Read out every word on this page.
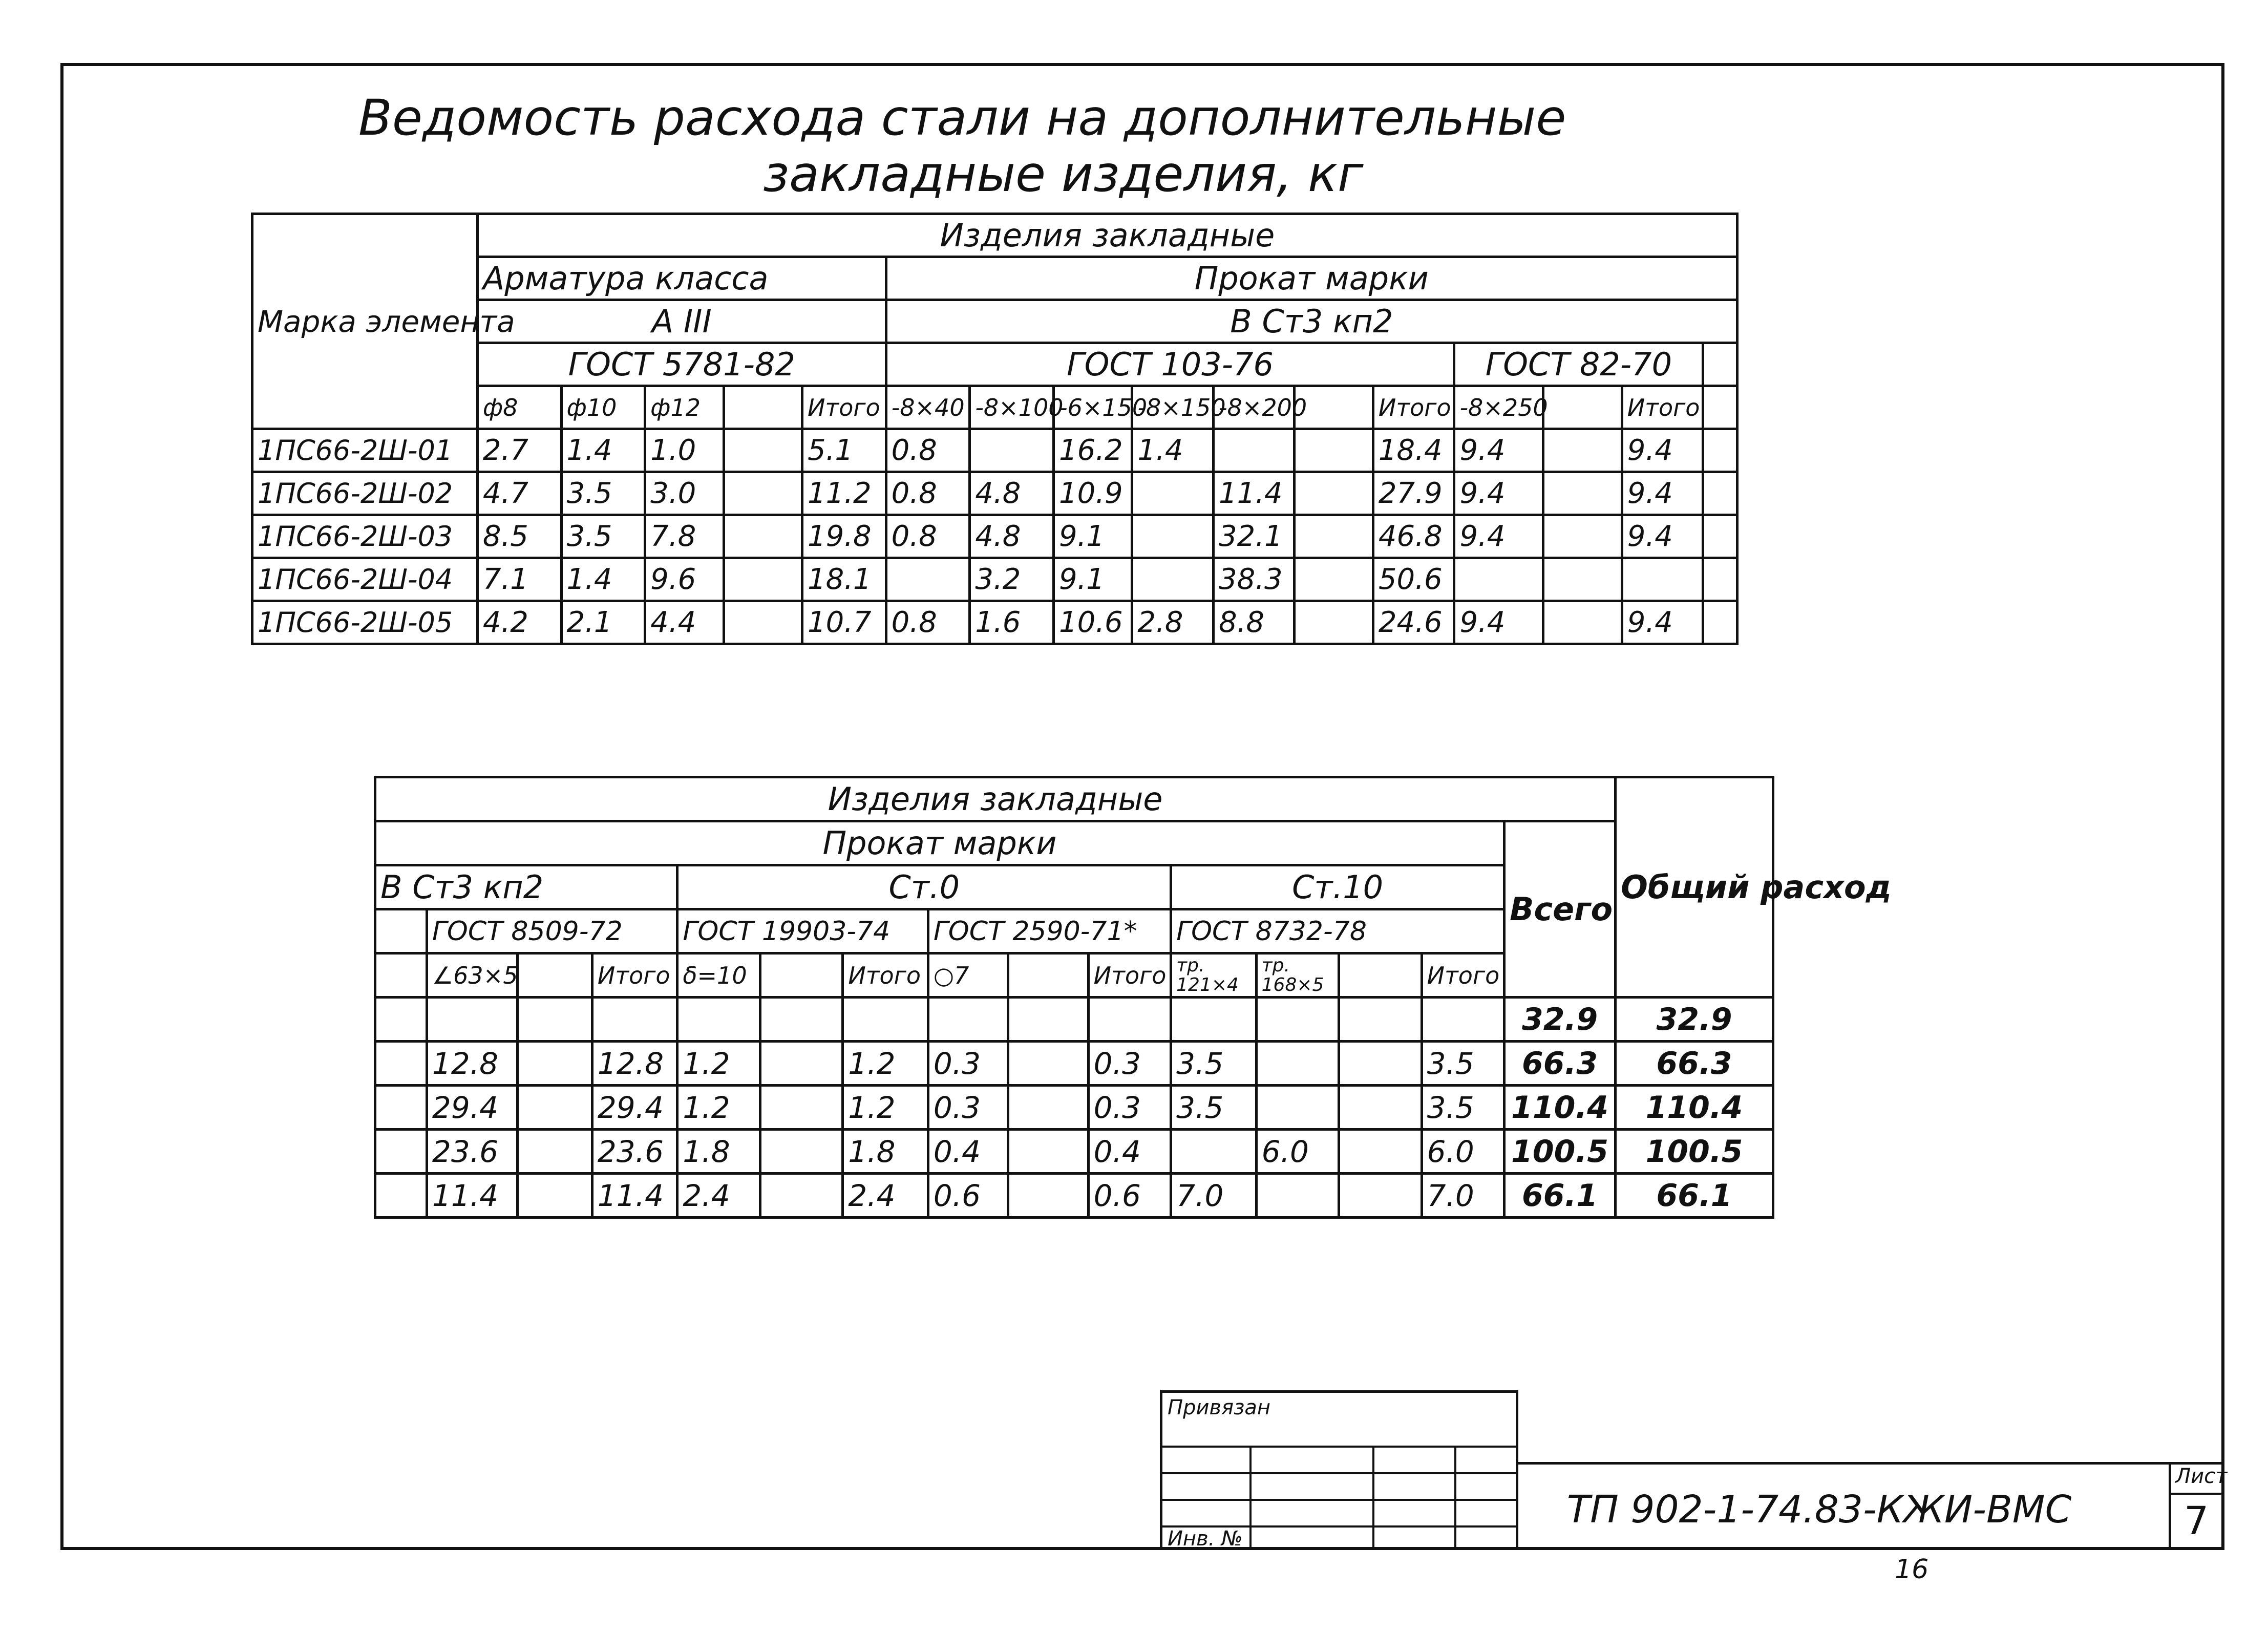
Ведомость расхода стали на дополнительные
закладные изделия, кг
Марка элемента	Изделия закладные															
	Арматура класса					Прокат марки										
	А III					В Ст3 кп2										
	ГОСТ 5781-82					ГОСТ 103-76							ГОСТ 82-70			
	ф8	ф10	ф12		Итого	-8×40	-8×100	-6×150	-8×150	-8×200		Итого	-8×250		Итого	
1ПС66-2Ш-01	2.7	1.4	1.0		5.1	0.8		16.2	1.4			18.4	9.4		9.4	
1ПС66-2Ш-02	4.7	3.5	3.0		11.2	0.8	4.8	10.9		11.4		27.9	9.4		9.4	
1ПС66-2Ш-03	8.5	3.5	7.8		19.8	0.8	4.8	9.1		32.1		46.8	9.4		9.4	
1ПС66-2Ш-04	7.1	1.4	9.6		18.1		3.2	9.1		38.3		50.6				
1ПС66-2Ш-05	4.2	2.1	4.4		10.7	0.8	1.6	10.6	2.8	8.8		24.6	9.4		9.4	
Изделия закладные															Общий расход
Прокат марки														Всего	
В Ст3 кп2				Ст.0						Ст.10					
	ГОСТ 8509-72			ГОСТ 19903-74			ГОСТ 2590-71*			ГОСТ 8732-78					
	∠63×5		Итого	δ=10		Итого	○7		Итого	тр. 121×4	тр. 168×5		Итого		
														32.9	32.9
	12.8		12.8	1.2		1.2	0.3		0.3	3.5			3.5	66.3	66.3
	29.4		29.4	1.2		1.2	0.3		0.3	3.5			3.5	110.4	110.4
	23.6		23.6	1.8		1.8	0.4		0.4		6.0		6.0	100.5	100.5
	11.4		11.4	2.4		2.4	0.6		0.6	7.0			7.0	66.1	66.1
Привязан
Инв. №
ТП 902-1-74.83-КЖИ-ВМС
Лист
7
16
